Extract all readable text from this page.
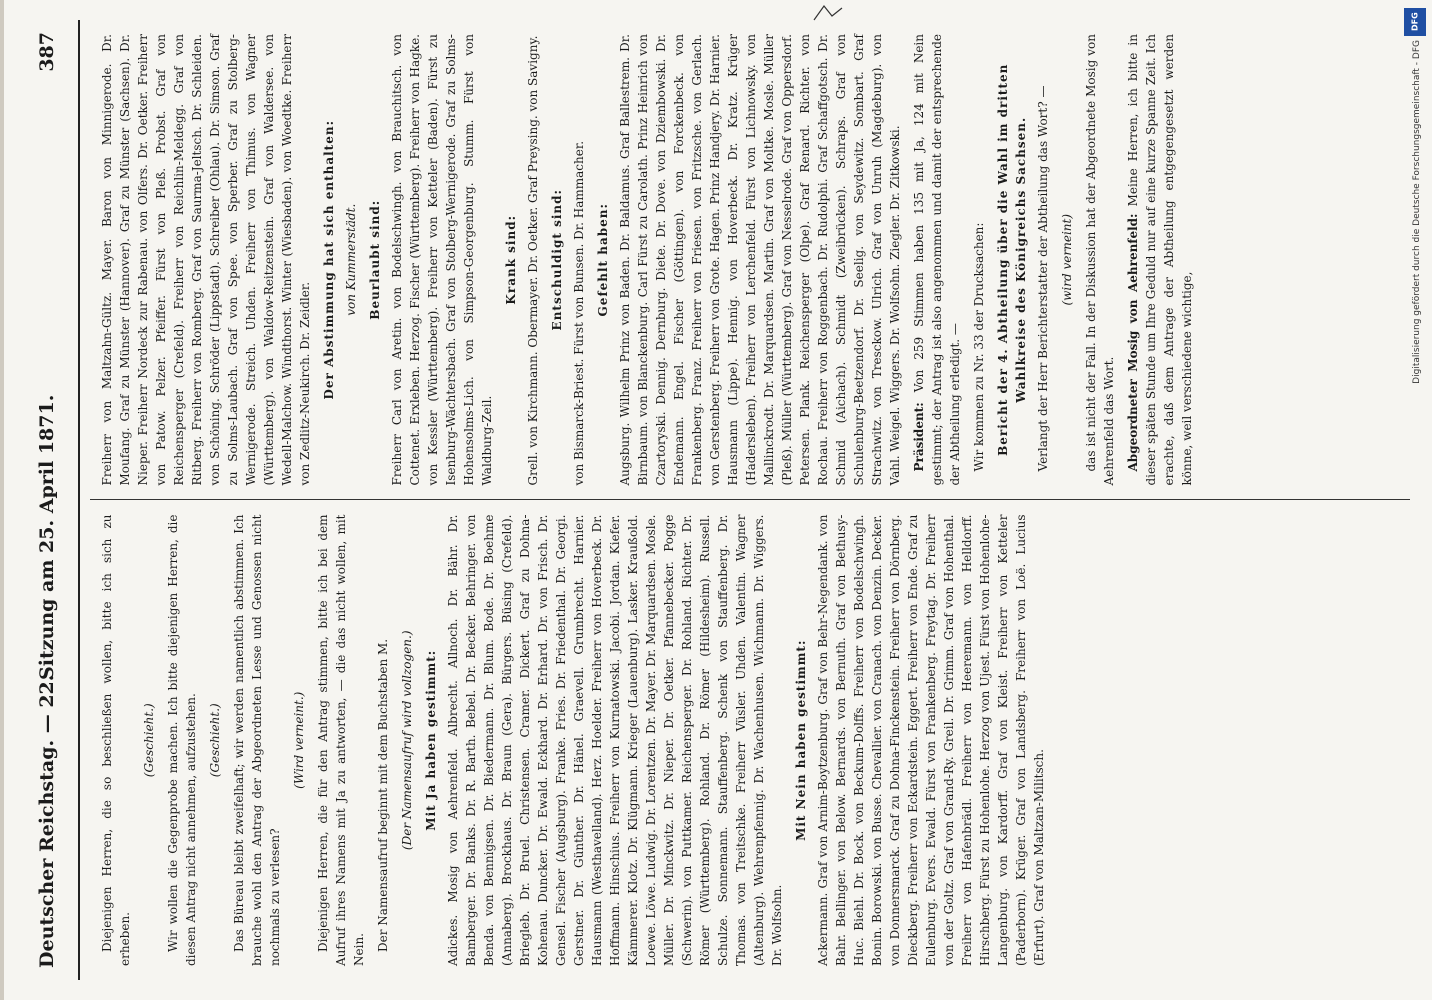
Deutscher Reichstag. — 22.
387
Sitzung am 25. April 1871.	Diejenigen Herren, die so beschließen wollen, bitte ich sich zu erheben.

(Geschieht.) Wir wollen die Gegenprobe machen. Ich bitte diejenigen Herren, die diesen Antrag nicht annehmen, aufzustehen. (Geschieht.) Das Büreau bleibt zweifelhaft; wir werden namentlich abstimmen. Ich brauche wohl den Antrag der Abgeordneten Lesse und Genossen nicht nochmals zu verlesen?

(Wird verneint.) Diejenigen Herren, die für den Antrag stimmen, bitte ich bei dem Aufruf ihres Namens mit Ja zu antworten, — die das nicht wollen, mit Nein. Der Namensaufruf beginnt mit dem Buchstaben M. (Der Namensaufruf wird vollzogen.) Mit Ja haben gestimmt: Adickes. Mosig von Aehrenfeld. Albrecht. Allnoch. Dr. Bähr. Dr. Bamberger. Dr. Banks. Dr. R. Barth. Bebel. Dr. Becker. Behringer. von Benda. von Bennigsen. Dr. Biedermann. Dr. Blum. Bode. Dr. Boehme (Annaberg). Brockhaus. Dr. Braun (Gera). Bürgers. Büsing (Crefeld). Briegleb. Dr. Bruel. Christensen. Cramer. Dickert. Graf zu Dohna-Kohenau. Duncker. Dr. Ewald. Eckhard. Dr. Erhard. Dr. von Frisch. Dr. Gensel. Fischer (Augsburg). Franke. Fries. Dr. Friedenthal. Dr. Georgi. Gerstner. Dr. Günther. Dr. Hänel. Graevell. Grumbrecht. Harnier. Hausmann (Westhavelland). Herz. Hoelder. Freiherr von Hoverbeck. Dr. Hoffmann. Hinschius. Freiherr von Kurnatowski. Jacobi. Jordan. Kiefer. Kämmerer. Klotz. Dr. Klügmann. Krieger (Lauenburg). Lasker. Kraußold. Loewe. Löwe. Ludwig. Dr. Lorentzen. Dr. Mayer. Dr. Marquardsen. Mosle. Müller. Dr. Minckwitz. Dr. Nieper. Dr. Oetker. Pfannebecker. Pogge (Schwerin). von Puttkamer. Reichensperger. Dr. Rohland. Richter. Dr. Römer (Württemberg). Rohland. Dr. Römer (Hildesheim). Russell. Schulze. Sonnemann. Stauffenberg. Schenk von Stauffenberg. Dr. Thomas. von Treitschke. Freiherr Vüsler. Uhden. Valentin. Wagner (Altenburg). Wehrenpfennig. Dr. Wachenhusen. Wichmann. Dr. Wiggers. Dr. Wolfsohn.

Mit Nein haben gestimmt: Ackermann. Graf von Arnim-Boytzenburg. Graf von Behr-Negendank. von Bahr. Bellinger. von Below. Bernards. von Bernuth. Graf von Bethusy-Huc. Biehl. Dr. Bock. von Beckum-Dolffs. Freiherr von Bodelschwingh. Bonin. Borowski. von Busse. Chevallier. von Cranach. von Denzin. Decker. von Donnersmarck. Graf zu Dohna-Finckenstein. Freiherr von Dörnberg. Dieckberg. Freiherr von Eckardstein. Eggert. Freiherr von Ende. Graf zu Eulenburg. Evers. Ewald. Fürst von Frankenberg. Freytag. Dr. Freiherr von der Goltz. Graf von Grand-Ry. Greil. Dr. Grimm. Graf von Hohenthal. Freiherr von Hafenbrädl. Freiherr von Heeremann. von Helldorff. Hirschberg. Fürst zu Hohenlohe. Herzog von Ujest. Fürst von Hohenlohe-Langenburg. von Kardorff. Graf von Kleist. Freiherr von Ketteler (Paderborn). Krüger. Graf von Landsberg. Freiherr von Loë. Lucius (Erfurt). Graf von Maltzan-Militsch.

Freiherr von Maltzahn-Gültz. Mayer. Baron von Minnigerode. Dr. Moufang. Graf zu Münster (Hannover). Graf zu Münster (Sachsen). Dr. Nieper. Freiherr Nordeck zur Rabenau. von Olfers. Dr. Oetker. Freiherr von Patow. Pelzer. Pfeiffer. Fürst von Pleß. Probst. Graf von Reichensperger (Crefeld). Freiherr von Reichlin-Meldegg. Graf von Ritberg. Freiherr von Romberg. Graf von Saurma-Jeltsch. Dr. Schleiden. von Schöning. Schröder (Lippstadt). Schreiber (Ohlau). Dr. Simson. Graf zu Solms-Laubach. Graf von Spee. von Sperber. Graf zu Stolberg-Wernigerode. Streich. Uhden. Freiherr von Thimus. von Wagner (Württemberg). von Waldow-Reitzenstein. Graf von Waldersee. von Wedell-Malchow. Windthorst. Winter (Wiesbaden). von Woedtke. Freiherr von Zedlitz-Neukirch. Dr. Zeidler. Der Abstimmung hat sich enthalten: von Kummerstädt. Beurlaubt sind: Freiherr Carl von Aretin. von Bodelschwingh. von Brauchitsch. von Cottenet. Erxleben. Herzog. Fischer (Württemberg). Freiherr von Hagke. von Kessler (Württemberg). Freiherr von Ketteler (Baden). Fürst zu Isenburg-Wächtersbach. Graf von Stolberg-Wernigerode. Graf zu Solms-Hohensolms-Lich. von Simpson-Georgenburg. Stumm. Fürst von Waldburg-Zeil.

Krank sind: Grell. von Kirchmann. Obermayer. Dr. Oetker. Graf Preysing. von Savigny. Entschuldigt sind: von Bismarck-Briest. Fürst von Bunsen. Dr. Hammacher. Gefehlt haben: Augsburg. Wilhelm Prinz von Baden. Dr. Baldamus. Graf Ballestrem. Dr. Birnbaum. von Blanckenburg. Carl Fürst zu Carolath. Prinz Heinrich von Czartoryski. Dennig. Dernburg. Diete. Dr. Dove. von Dziembowski. Dr. Endemann. Engel. Fischer (Göttingen). von Forckenbeck. von Frankenberg. Franz. Freiherr von Friesen. von Fritzsche. von Gerlach. von Gerstenberg. Freiherr von Grote. Hagen. Prinz Handjery. Dr. Harnier. Hausmann (Lippe). Hennig. von Hoverbeck. Dr. Kratz. Krüger (Hadersleben). Freiherr von Lerchenfeld. Fürst von Lichnowsky. von Mallinckrodt. Dr. Marquardsen. Martin. Graf von Moltke. Mosle. Müller (Pleß). Müller (Württemberg). Graf von Nesselrode. Graf von Oppersdorf. Petersen. Plank. Reichensperger (Olpe). Graf Renard. Richter. von Rochau. Freiherr von Roggenbach. Dr. Rudolphi. Graf Schaffgotsch. Dr. Schmid (Aichach). Schmidt (Zweibrücken). Schraps. Graf von Schulenburg-Beetzendorf. Dr. Seelig. von Seydewitz. Sombart. Graf Strachwitz. von Tresckow. Ulrich. Graf von Unruh (Magdeburg). von Vahl. Weigel. Wiggers. Dr. Wolfsohn. Ziegler. Dr. Zitkowski. Präsident: Von 259 Stimmen haben 135 mit Ja, 124 mit Nein gestimmt; der Antrag ist also angenommen und damit der entsprechende der Abtheilung erledigt. — Wir kommen zu Nr. 33 der Drucksachen: Bericht der 4. Abtheilung über die Wahl im dritten Wahlkreise des Königreichs Sachsen. Verlangt der Herr Berichterstatter der Abtheilung das Wort? — (wird verneint) das ist nicht der Fall. In der Diskussion hat der Abgeordnete Mosig von Aehrenfeld das Wort. Abgeordneter Mosig von Aehrenfeld: Meine Herren, ich bitte in dieser späten Stunde um Ihre Geduld nur auf eine kurze Spanne Zeit. Ich erachte, daß dem Antrage der Abtheilung entgegengesetzt werden könne, weil verschiedene wichtige,	Digitalisierung gefördert durch die Deutsche Forschungsgemeinschaft - DFG
DFG
